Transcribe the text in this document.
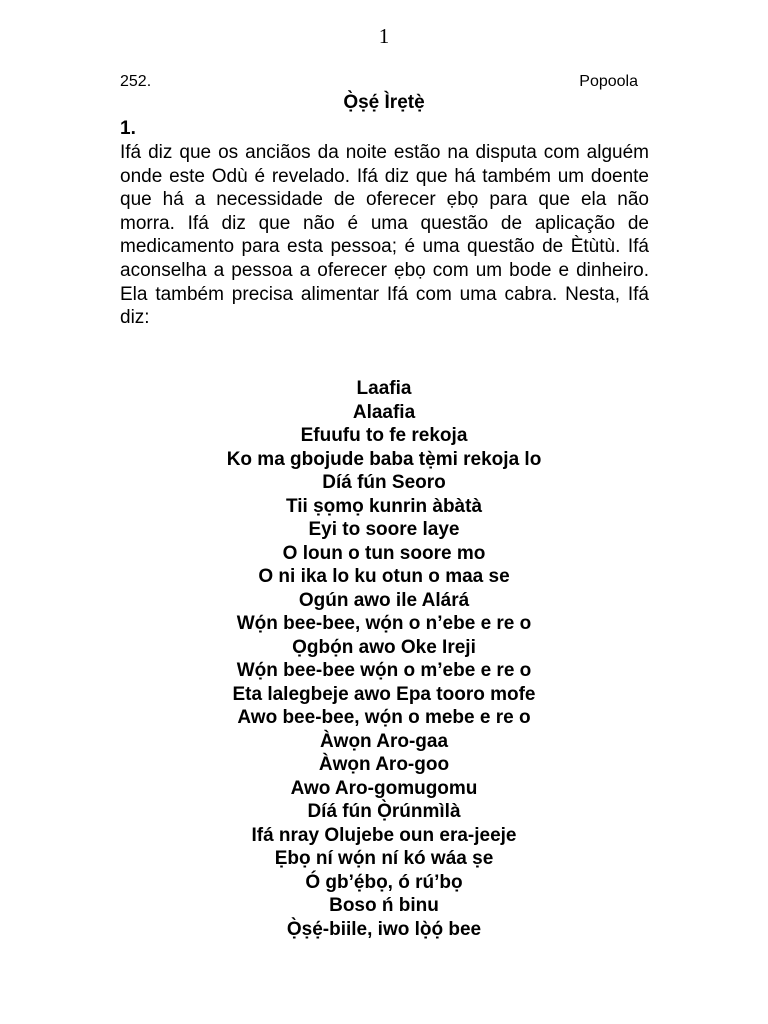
1
252.	Popoola
Ọ̀ṣẹ́ Ìrẹtẹ̀
1.

Ifá diz que os anciãos da noite estão na disputa com alguém onde este Odù é revelado. Ifá diz que há também um doente que há a necessidade de oferecer ẹbọ para que ela não morra. Ifá diz que não é uma questão de aplicação de medicamento para esta pessoa; é uma questão de Ètùtù. Ifá aconselha a pessoa a oferecer ẹbọ com um bode e dinheiro. Ela também precisa alimentar Ifá com uma cabra. Nesta, Ifá diz:

Laafia
Alaafia
Efuufu to fe rekoja
Ko ma gbojude baba tẹ̀mi rekoja lo
Díá fún Seoro
Tii ṣọmọ kunrin àbàtà
Eyi to soore laye
O loun o tun soore mo
O ni ika lo ku otun o maa se
Ogún awo ile Alárá
Wọ́n bee-bee, wọ́n o n’ebe e re o
Ọgbọ́n awo Oke Ireji
Wọ́n bee-bee wọ́n o m’ebe e re o
Eta lalegbeje awo Epa tooro mofe
Awo bee-bee, wọ́n o mebe e re o
Àwọn Aro-gaa
Àwọn Aro-goo
Awo Aro-gomugomu
Díá fún Ọ̀rúnmìlà
Ifá nray Olujebe oun era-jeeje
Ẹbọ ní wọ́n ní kó wáa ṣe
Ó gb’ẹ́bọ, ó rú’bọ
Boso ń binu
Ọ̀ṣẹ́-biile, iwo lọ̀ọ́ bee
